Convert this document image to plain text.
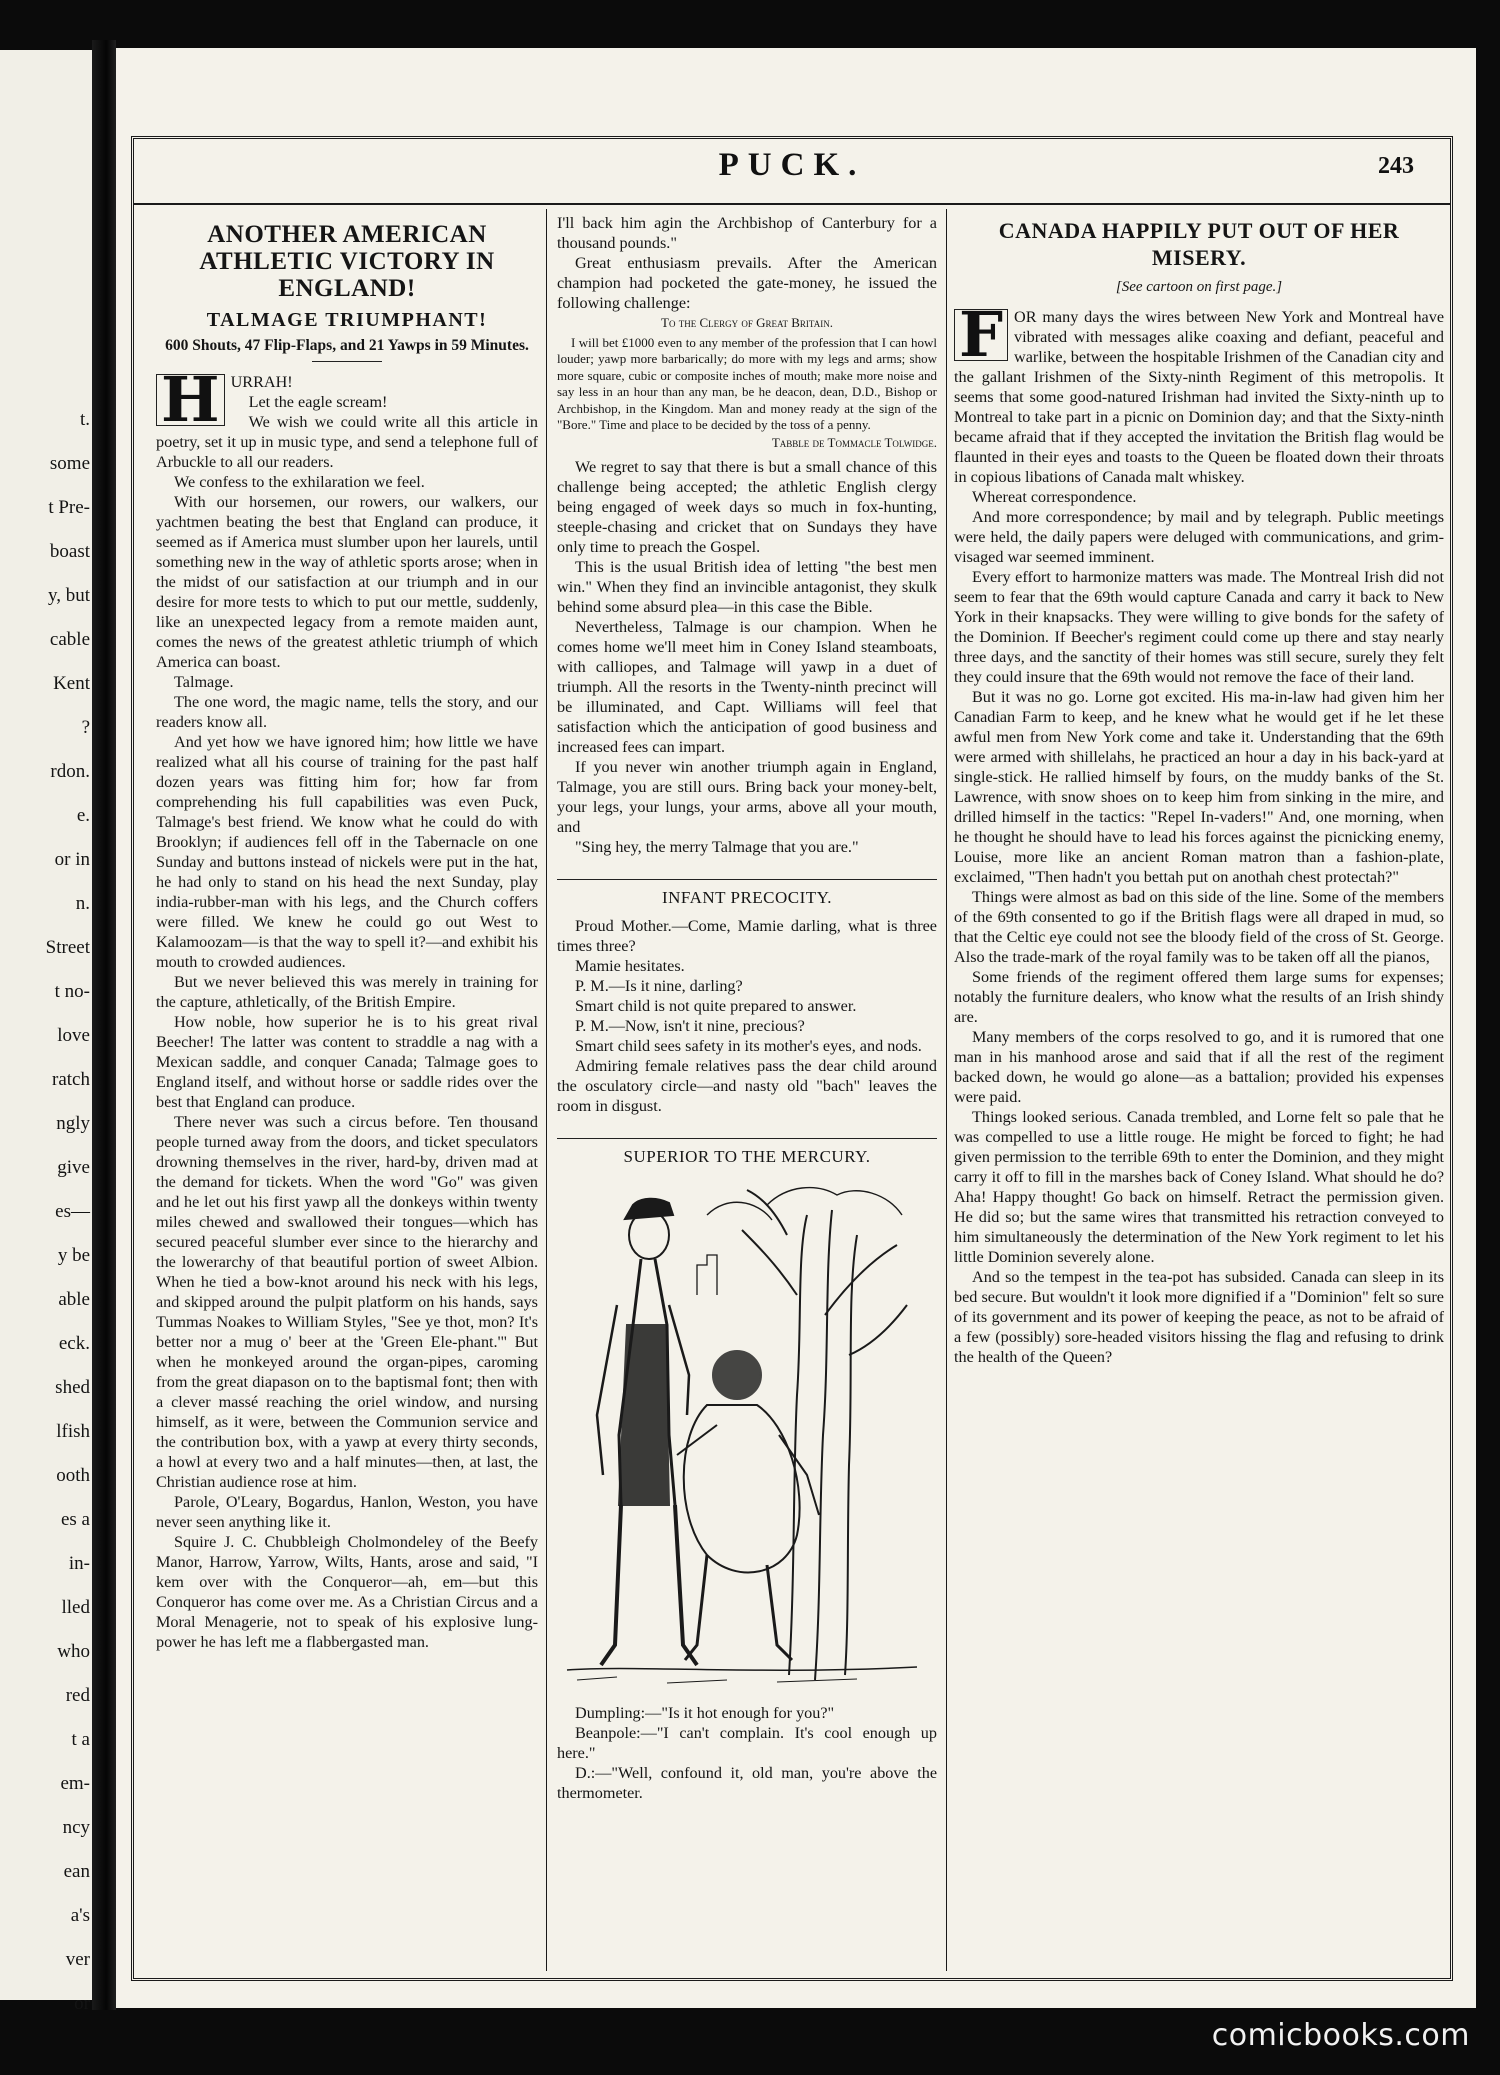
t.
some
t Pre-
boast
y, but
cable
Kent
?
rdon.
e.
or in
n.
Street
t no-
love
ratch
ngly
give
es—
y be
able
eck.
shed
lfish
ooth
es a
in-
lled
who
red
t a
em-
ncy
ean
a's
ver
or
PUCK.	243
ANOTHER AMERICAN ATHLETIC VICTORY IN ENGLAND!
TALMAGE TRIUMPHANT!
600 Shouts, 47 Flip-Flaps, and 21 Yawps in 59 Minutes.

H URRAH!

Let the eagle scream!

We wish we could write all this article in poetry, set it up in music type, and send a telephone full of Arbuckle to all our readers.

We confess to the exhilaration we feel.

With our horsemen, our rowers, our walkers, our yachtmen beating the best that England can produce, it seemed as if America must slumber upon her laurels, until something new in the way of athletic sports arose; when in the midst of our satisfaction at our triumph and in our desire for more tests to which to put our mettle, suddenly, like an unexpected legacy from a remote maiden aunt, comes the news of the greatest athletic triumph of which America can boast.

Talmage.

The one word, the magic name, tells the story, and our readers know all.

And yet how we have ignored him; how little we have realized what all his course of training for the past half dozen years was fitting him for; how far from comprehending his full capabilities was even Puck, Talmage's best friend. We know what he could do with Brooklyn; if audiences fell off in the Tabernacle on one Sunday and buttons instead of nickels were put in the hat, he had only to stand on his head the next Sunday, play india-rubber-man with his legs, and the Church coffers were filled. We knew he could go out West to Kalamoozam—is that the way to spell it?—and exhibit his mouth to crowded audiences.

But we never believed this was merely in training for the capture, athletically, of the British Empire.

How noble, how superior he is to his great rival Beecher! The latter was content to straddle a nag with a Mexican saddle, and conquer Canada; Talmage goes to England itself, and without horse or saddle rides over the best that England can produce.

There never was such a circus before. Ten thousand people turned away from the doors, and ticket speculators drowning themselves in the river, hard-by, driven mad at the demand for tickets. When the word "Go" was given and he let out his first yawp all the donkeys within twenty miles chewed and swallowed their tongues—which has secured peaceful slumber ever since to the hierarchy and the lowerarchy of that beautiful portion of sweet Albion. When he tied a bow-knot around his neck with his legs, and skipped around the pulpit platform on his hands, says Tummas Noakes to William Styles, "See ye thot, mon? It's better nor a mug o' beer at the 'Green Ele-phant.'" But when he monkeyed around the organ-pipes, caroming from the great diapason on to the baptismal font; then with a clever massé reaching the oriel window, and nursing himself, as it were, between the Communion service and the contribution box, with a yawp at every thirty seconds, a howl at every two and a half minutes—then, at last, the Christian audience rose at him.

Parole, O'Leary, Bogardus, Hanlon, Weston, you have never seen anything like it.

Squire J. C. Chubbleigh Cholmondeley of the Beefy Manor, Harrow, Yarrow, Wilts, Hants, arose and said, "I kem over with the Conqueror—ah, em—but this Conqueror has come over me. As a Christian Circus and a Moral Menagerie, not to speak of his explosive lung-power he has left me a flabbergasted man.

I'll back him agin the Archbishop of Canterbury for a thousand pounds."

Great enthusiasm prevails. After the American champion had pocketed the gate-money, he issued the following challenge:

To the Clergy of Great Britain.

I will bet £1000 even to any member of the profession that I can howl louder; yawp more barbarically; do more with my legs and arms; show more square, cubic or composite inches of mouth; make more noise and say less in an hour than any man, be he deacon, dean, D.D., Bishop or Archbishop, in the Kingdom. Man and money ready at the sign of the "Bore." Time and place to be decided by the toss of a penny.

Tabble de Tommacle Tolwidge.

We regret to say that there is but a small chance of this challenge being accepted; the athletic English clergy being engaged of week days so much in fox-hunting, steeple-chasing and cricket that on Sundays they have only time to preach the Gospel.

This is the usual British idea of letting "the best men win." When they find an invincible antagonist, they skulk behind some absurd plea—in this case the Bible.

Nevertheless, Talmage is our champion. When he comes home we'll meet him in Coney Island steamboats, with calliopes, and Talmage will yawp in a duet of triumph. All the resorts in the Twenty-ninth precinct will be illuminated, and Capt. Williams will feel that satisfaction which the anticipation of good business and increased fees can impart.

If you never win another triumph again in England, Talmage, you are still ours. Bring back your money-belt, your legs, your lungs, your arms, above all your mouth, and

"Sing hey, the merry Talmage that you are."

INFANT PRECOCITY.

Proud Mother.—Come, Mamie darling, what is three times three?

Mamie hesitates.

P. M.—Is it nine, darling?

Smart child is not quite prepared to answer.

P. M.—Now, isn't it nine, precious?

Smart child sees safety in its mother's eyes, and nods.

Admiring female relatives pass the dear child around the osculatory circle—and nasty old "bach" leaves the room in disgust.

SUPERIOR TO THE MERCURY.

Dumpling:—"Is it hot enough for you?"

Beanpole:—"I can't complain. It's cool enough up here."

D.:—"Well, confound it, old man, you're above the thermometer.

CANADA HAPPILY PUT OUT OF HER MISERY.
[See cartoon on first page.]

F OR many days the wires between New York and Montreal have vibrated with messages alike coaxing and defiant, peaceful and warlike, between the hospitable Irishmen of the Canadian city and the gallant Irishmen of the Sixty-ninth Regiment of this metropolis. It seems that some good-natured Irishman had invited the Sixty-ninth up to Montreal to take part in a picnic on Dominion day; and that the Sixty-ninth became afraid that if they accepted the invitation the British flag would be flaunted in their eyes and toasts to the Queen be floated down their throats in copious libations of Canada malt whiskey.

Whereat correspondence.

And more correspondence; by mail and by telegraph. Public meetings were held, the daily papers were deluged with communications, and grim-visaged war seemed imminent.

Every effort to harmonize matters was made. The Montreal Irish did not seem to fear that the 69th would capture Canada and carry it back to New York in their knapsacks. They were willing to give bonds for the safety of the Dominion. If Beecher's regiment could come up there and stay nearly three days, and the sanctity of their homes was still secure, surely they felt they could insure that the 69th would not remove the face of their land.

But it was no go. Lorne got excited. His ma-in-law had given him her Canadian Farm to keep, and he knew what he would get if he let these awful men from New York come and take it. Understanding that the 69th were armed with shillelahs, he practiced an hour a day in his back-yard at single-stick. He rallied himself by fours, on the muddy banks of the St. Lawrence, with snow shoes on to keep him from sinking in the mire, and drilled himself in the tactics: "Repel In-vaders!" And, one morning, when he thought he should have to lead his forces against the picnicking enemy, Louise, more like an ancient Roman matron than a fashion-plate, exclaimed, "Then hadn't you bettah put on anothah chest protectah?"

Things were almost as bad on this side of the line. Some of the members of the 69th consented to go if the British flags were all draped in mud, so that the Celtic eye could not see the bloody field of the cross of St. George. Also the trade-mark of the royal family was to be taken off all the pianos,

Some friends of the regiment offered them large sums for expenses; notably the furniture dealers, who know what the results of an Irish shindy are.

Many members of the corps resolved to go, and it is rumored that one man in his manhood arose and said that if all the rest of the regiment backed down, he would go alone—as a battalion; provided his expenses were paid.

Things looked serious. Canada trembled, and Lorne felt so pale that he was compelled to use a little rouge. He might be forced to fight; he had given permission to the terrible 69th to enter the Dominion, and they might carry it off to fill in the marshes back of Coney Island. What should he do? Aha! Happy thought! Go back on himself. Retract the permission given. He did so; but the same wires that transmitted his retraction conveyed to him simultaneously the determination of the New York regiment to let his little Dominion severely alone.

And so the tempest in the tea-pot has subsided. Canada can sleep in its bed secure. But wouldn't it look more dignified if a "Dominion" felt so sure of its government and its power of keeping the peace, as not to be afraid of a few (possibly) sore-headed visitors hissing the flag and refusing to drink the health of the Queen?

comicbooks.com
